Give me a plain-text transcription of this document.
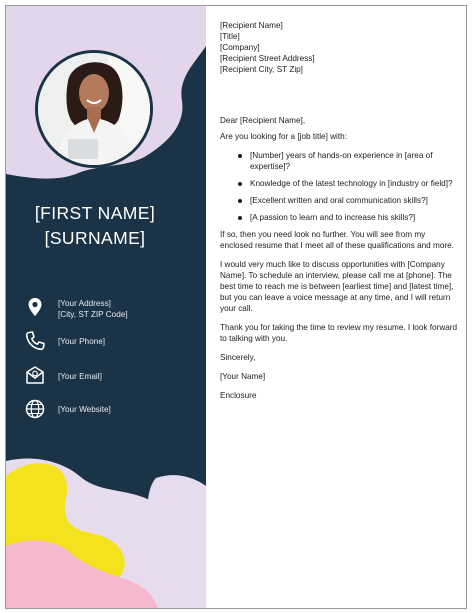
[FIRST NAME]
[SURNAME]
[Your Address]
[City, ST ZIP Code]
[Your Phone]
[Your Email]
[Your Website]
[Recipient Name]
[Title]
[Company]
[Recipient Street Address]
[Recipient City, ST Zip]

Dear [Recipient Name],

Are you looking for a [job title] with:

[Number] years of hands-on experience in [area of expertise]?
Knowledge of the latest technology in [industry or field]?
[Excellent written and oral communication skills?]
[A passion to learn and to increase his skills?]

If so, then you need look no further. You will see from my enclosed resume that I meet all of these qualifications and more.

I would very much like to discuss opportunities with [Company Name]. To schedule an interview, please call me at [phone]. The best time to reach me is between [earliest time] and [latest time], but you can leave a voice message at any time, and I will return your call.

Thank you for taking the time to review my resume. I look forward to talking with you.

Sincerely,

[Your Name]

Enclosure
